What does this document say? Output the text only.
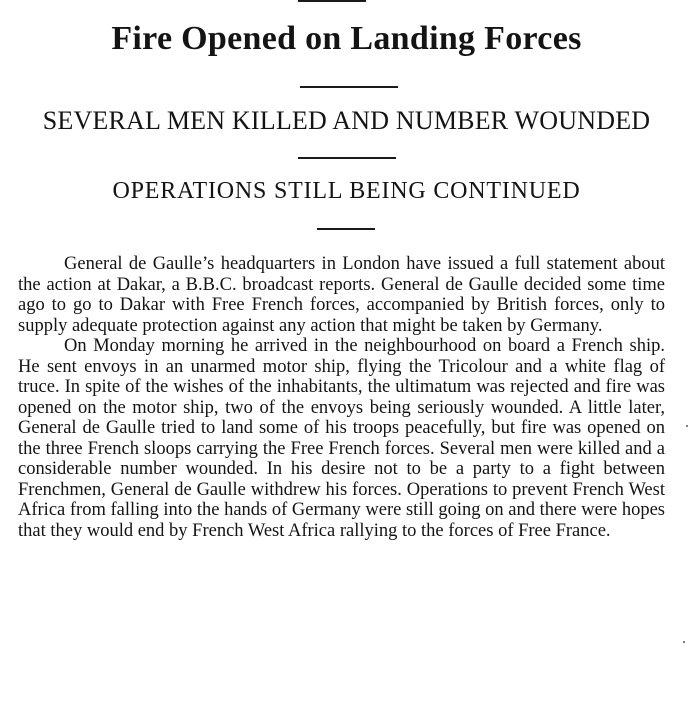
Fire Opened on Landing Forces
SEVERAL MEN KILLED AND NUMBER WOUNDED
OPERATIONS STILL BEING CONTINUED

General de Gaulle’s headquarters in London have issued a full statement about the action at Dakar, a B.B.C. broadcast reports. General de Gaulle decided some time ago to go to Dakar with Free French forces, accompanied by British forces, only to supply adequate protection against any action that might be taken by Germany.

On Monday morning he arrived in the neighbourhood on board a French ship. He sent envoys in an unarmed motor ship, flying the Tricolour and a white flag of truce. In spite of the wishes of the inhabitants, the ultimatum was rejected and fire was opened on the motor ship, two of the envoys being seriously wounded. A little later, General de Gaulle tried to land some of his troops peacefully, but fire was opened on the three French sloops carrying the Free French forces. Several men were killed and a considerable number wounded. In his desire not to be a party to a fight between Frenchmen, General de Gaulle withdrew his forces. Operations to prevent French West Africa from falling into the hands of Germany were still going on and there were hopes that they would end by French West Africa rallying to the forces of Free France.
